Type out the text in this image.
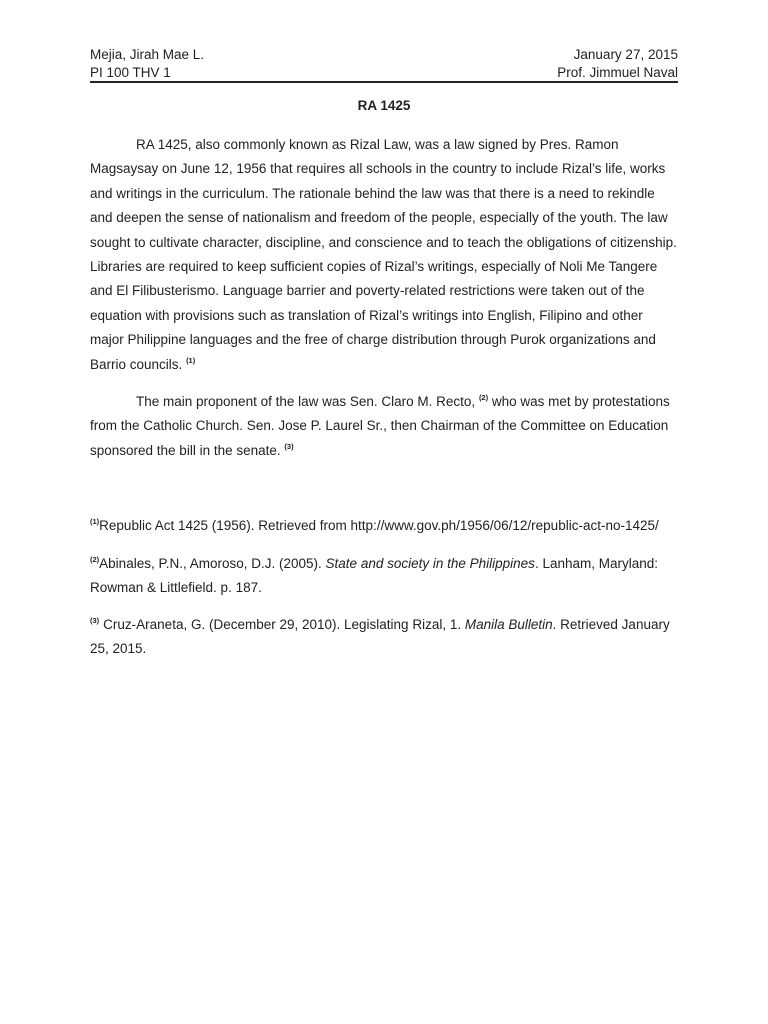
Mejia, Jirah Mae L.	January 27, 2015
PI 100 THV 1	Prof. Jimmuel Naval
RA 1425

RA 1425, also commonly known as Rizal Law, was a law signed by Pres. Ramon Magsaysay on June 12, 1956 that requires all schools in the country to include Rizal’s life, works and writings in the curriculum. The rationale behind the law was that there is a need to rekindle and deepen the sense of nationalism and freedom of the people, especially of the youth. The law sought to cultivate character, discipline, and conscience and to teach the obligations of citizenship. Libraries are required to keep sufficient copies of Rizal’s writings, especially of Noli Me Tangere and El Filibusterismo. Language barrier and poverty-related restrictions were taken out of the equation with provisions such as translation of Rizal’s writings into English, Filipino and other major Philippine languages and the free of charge distribution through Purok organizations and Barrio councils. $^{(1)}$

The main proponent of the law was Sen. Claro M. Recto, $^{(2)}$ who was met by protestations from the Catholic Church. Sen. Jose P. Laurel Sr., then Chairman of the Committee on Education sponsored the bill in the senate. $^{(3)}$

$^{(1)}$Republic Act 1425 (1956). Retrieved from http://www.gov.ph/1956/06/12/republic-act-no-1425/

$^{(2)}$Abinales, P.N., Amoroso, D.J. (2005). State and society in the Philippines. Lanham, Maryland: Rowman & Littlefield. p. 187.

$^{(3)}$ Cruz-Araneta, G. (December 29, 2010). Legislating Rizal, 1. Manila Bulletin. Retrieved January 25, 2015.
